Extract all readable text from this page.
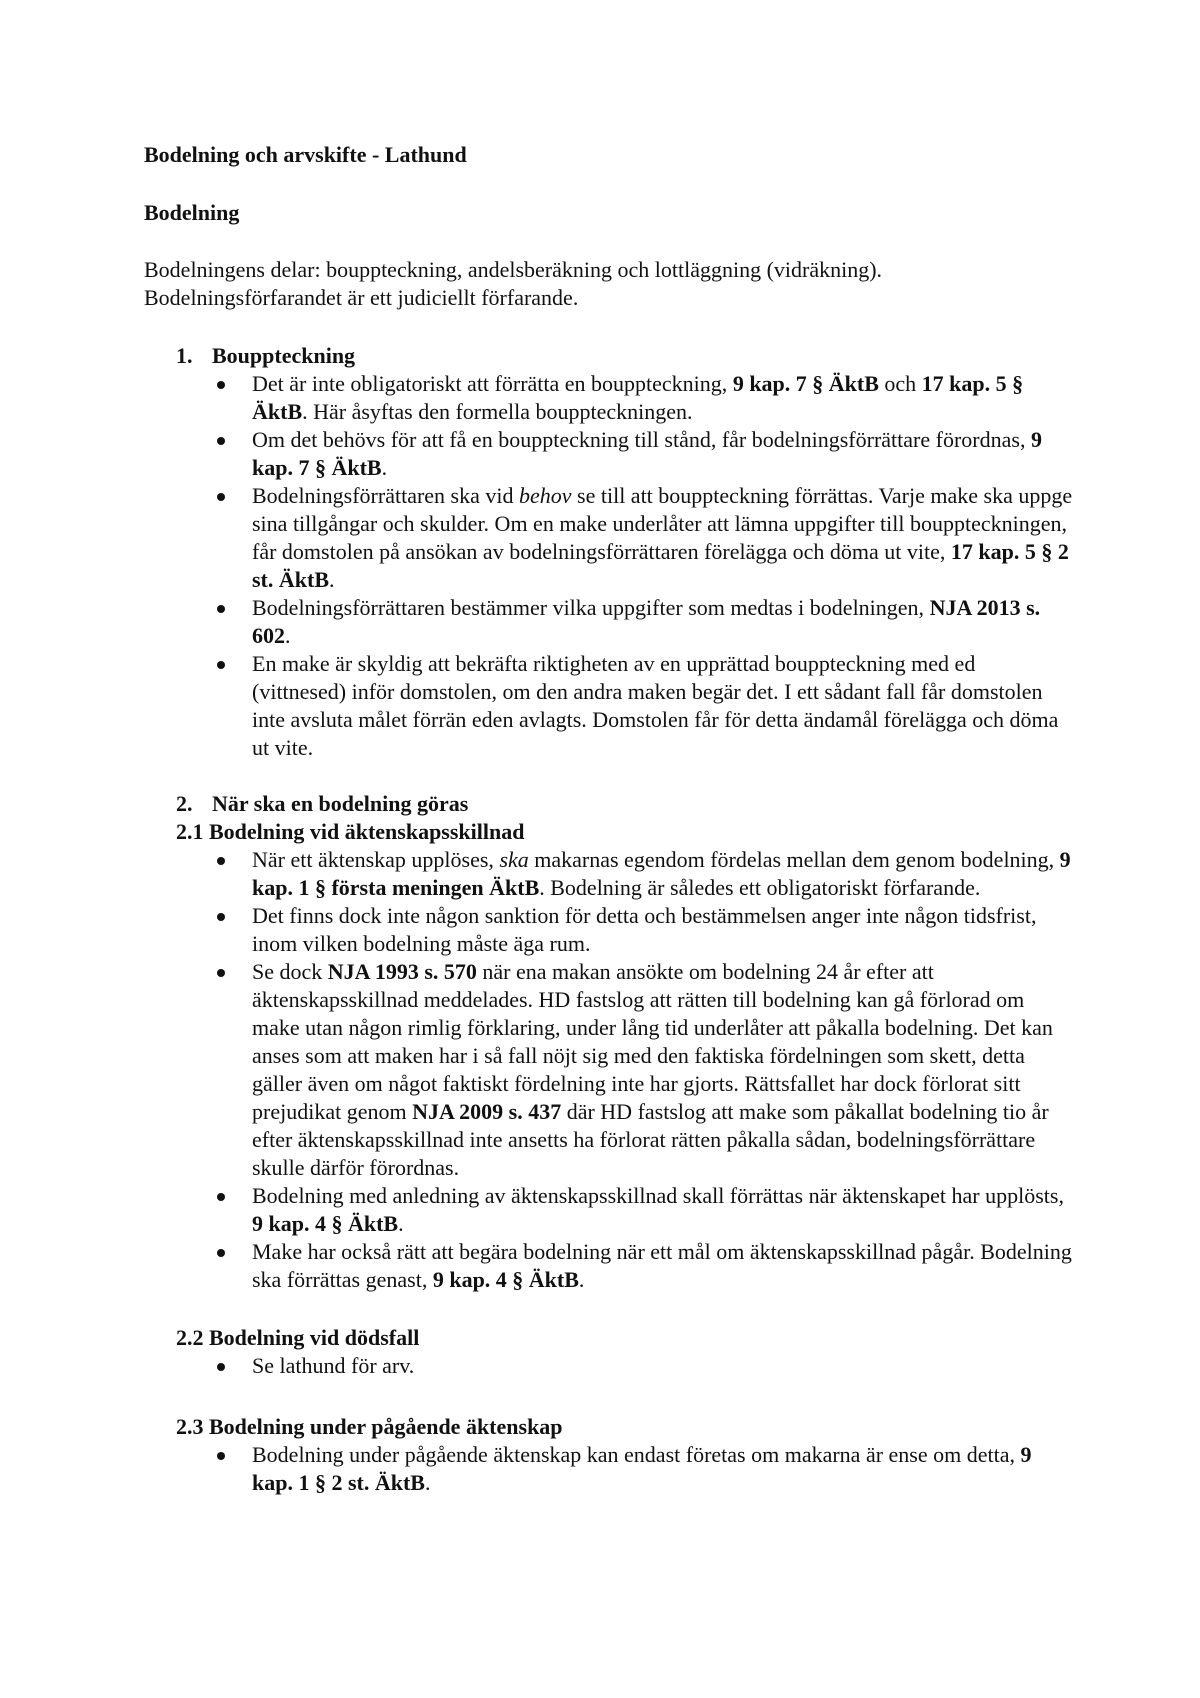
Bodelning och arvskifte - Lathund
Bodelning
Bodelningens delar: bouppteckning, andelsberäkning och lottläggning (vidräkning).
Bodelningsförfarandet är ett judiciellt förfarande.
1. Bouppteckning
Det är inte obligatoriskt att förrätta en bouppteckning, 9 kap. 7 § ÄktB och 17 kap. 5 § ÄktB. Här åsyftas den formella bouppteckningen.
Om det behövs för att få en bouppteckning till stånd, får bodelningsförrättare förordnas, 9 kap. 7 § ÄktB.
Bodelningsförrättaren ska vid behov se till att bouppteckning förrättas. Varje make ska uppge sina tillgångar och skulder. Om en make underlåter att lämna uppgifter till bouppteckningen, får domstolen på ansökan av bodelningsförrättaren förelägga och döma ut vite, 17 kap. 5 § 2 st. ÄktB.
Bodelningsförrättaren bestämmer vilka uppgifter som medtas i bodelningen, NJA 2013 s. 602.
En make är skyldig att bekräfta riktigheten av en upprättad bouppteckning med ed (vittnesed) inför domstolen, om den andra maken begär det. I ett sådant fall får domstolen inte avsluta målet förrän eden avlagts. Domstolen får för detta ändamål förelägga och döma ut vite.
2. När ska en bodelning göras
2.1 Bodelning vid äktenskapsskillnad
När ett äktenskap upplöses, ska makarnas egendom fördelas mellan dem genom bodelning, 9 kap. 1 § första meningen ÄktB. Bodelning är således ett obligatoriskt förfarande.
Det finns dock inte någon sanktion för detta och bestämmelsen anger inte någon tidsfrist, inom vilken bodelning måste äga rum.
Se dock NJA 1993 s. 570 när ena makan ansökte om bodelning 24 år efter att äktenskapsskillnad meddelades. HD fastslog att rätten till bodelning kan gå förlorad om make utan någon rimlig förklaring, under lång tid underlåter att påkalla bodelning. Det kan anses som att maken har i så fall nöjt sig med den faktiska fördelningen som skett, detta gäller även om något faktiskt fördelning inte har gjorts. Rättsfallet har dock förlorat sitt prejudikat genom NJA 2009 s. 437 där HD fastslog att make som påkallat bodelning tio år efter äktenskapsskillnad inte ansetts ha förlorat rätten påkalla sådan, bodelningsförrättare skulle därför förordnas.
Bodelning med anledning av äktenskapsskillnad skall förrättas när äktenskapet har upplösts, 9 kap. 4 § ÄktB.
Make har också rätt att begära bodelning när ett mål om äktenskapsskillnad pågår. Bodelning ska förrättas genast, 9 kap. 4 § ÄktB.
2.2 Bodelning vid dödsfall
Se lathund för arv.
2.3 Bodelning under pågående äktenskap
Bodelning under pågående äktenskap kan endast företas om makarna är ense om detta, 9 kap. 1 § 2 st. ÄktB.
